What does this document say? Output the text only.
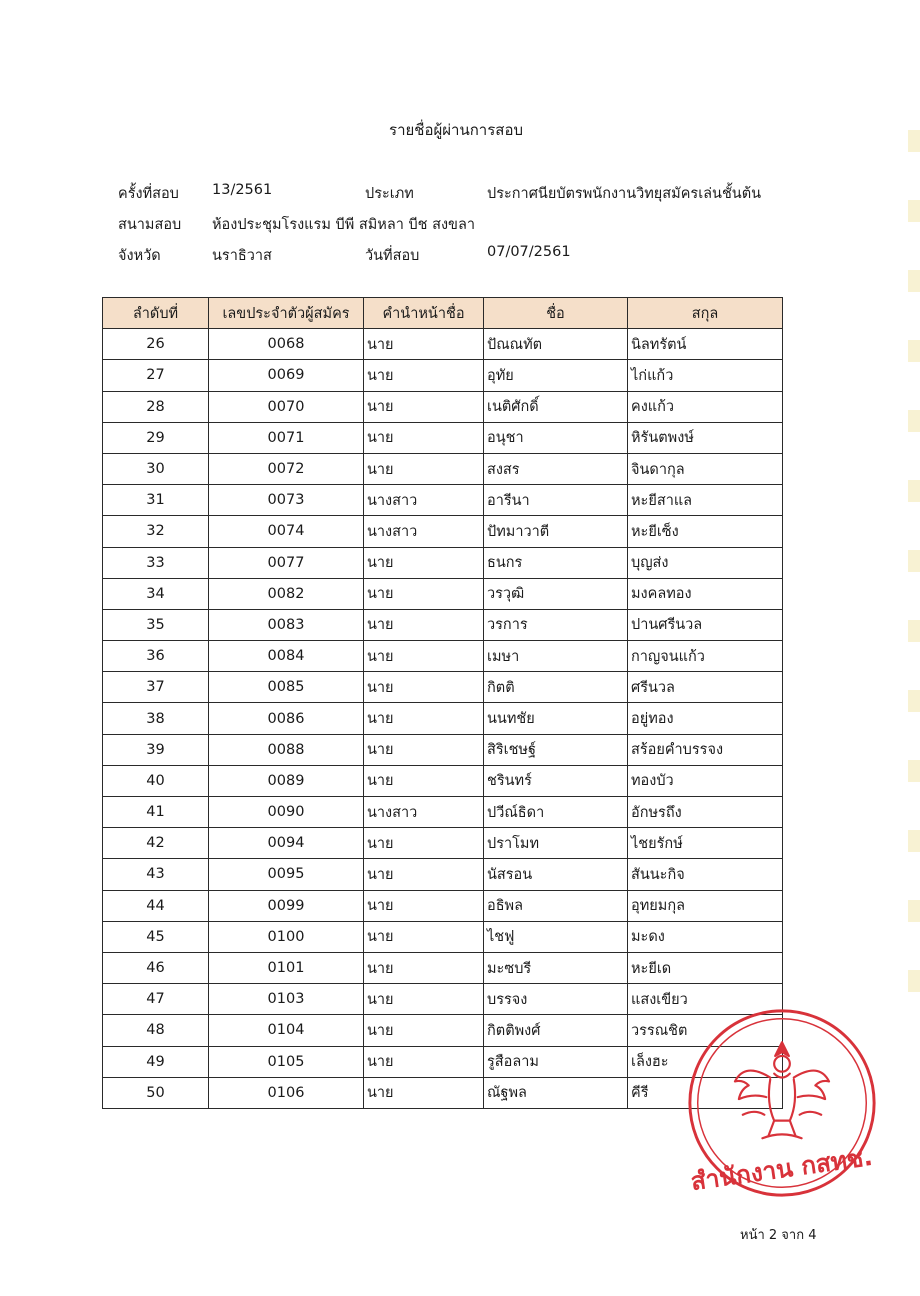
รายชื่อผู้ผ่านการสอบ
ครั้งที่สอบ 13/2561	ประเภท	ประกาศนียบัตรพนักงานวิทยุสมัครเล่นชั้นต้น
สนามสอบ ห้องประชุมโรงแรม บีพี สมิหลา บีช สงขลา
จังหวัด	นราธิวาส	วันที่สอบ	07/07/2561
ลำดับที่	เลขประจำตัวผู้สมัคร	คำนำหน้าชื่อ	ชื่อ	สกุล
26	0068	นาย	ปัณณทัต	นิลทรัตน์
27	0069	นาย	อุทัย	ไก่แก้ว
28	0070	นาย	เนติศักดิ์	คงแก้ว
29	0071	นาย	อนุชา	หิรันตพงษ์
30	0072	นาย	สงสร	จินดากุล
31	0073	นางสาว	อารีนา	หะยีสาแล
32	0074	นางสาว	ปัทมาวาตี	หะยีเซ็ง
33	0077	นาย	ธนกร	บุญส่ง
34	0082	นาย	วรวุฒิ	มงคลทอง
35	0083	นาย	วรการ	ปานศรีนวล
36	0084	นาย	เมษา	กาญจนแก้ว
37	0085	นาย	กิตติ	ศรีนวล
38	0086	นาย	นนทชัย	อยู่ทอง
39	0088	นาย	สิริเชษฐ์	สร้อยคำบรรจง
40	0089	นาย	ชรินทร์	ทองบัว
41	0090	นางสาว	ปวีณ์ธิดา	อักษรถึง
42	0094	นาย	ปราโมท	ไชยรักษ์
43	0095	นาย	นัสรอน	สันนะกิจ
44	0099	นาย	อธิพล	อุทยมกุล
45	0100	นาย	ไชฟู	มะดง
46	0101	นาย	มะซบรี	หะยีเด
47	0103	นาย	บรรจง	แสงเขียว
48	0104	นาย	กิตติพงศ์	วรรณชิต
49	0105	นาย	รูสือลาม	เล็งฮะ
50	0106	นาย	ณัฐพล	คีรี
สำนักงาน กสทช.
หน้า 2 จาก 4
